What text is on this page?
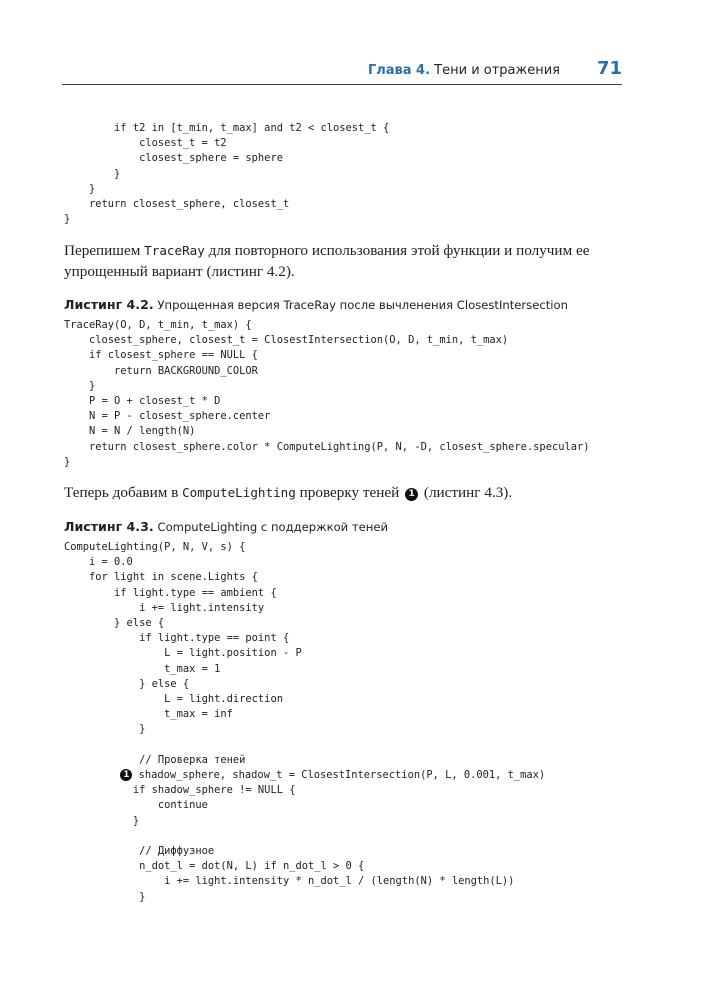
Глава 4. Тени и отражения 71
if t2 in [t_min, t_max] and t2 < closest_t {
closest_t = t2
closest_sphere = sphere
}
}
return closest_sphere, closest_t
}

Перепишем TraceRay для повторного использования этой функции и получим ее упрощенный вариант (листинг 4.2).

Листинг 4.2. Упрощенная версия TraceRay после вычленения ClosestIntersection

TraceRay(O, D, t_min, t_max) {
closest_sphere, closest_t = ClosestIntersection(O, D, t_min, t_max)
if closest_sphere == NULL {
return BACKGROUND_COLOR
}
P = O + closest_t * D
N = P - closest_sphere.center
N = N / length(N)
return closest_sphere.color * ComputeLighting(P, N, -D, closest_sphere.specular)
}

Теперь добавим в ComputeLighting проверку теней 1 (листинг 4.3).

Листинг 4.3. ComputeLighting с поддержкой теней

ComputeLighting(P, N, V, s) {
i = 0.0
for light in scene.Lights {
if light.type == ambient {
i += light.intensity
} else {
if light.type == point {
L = light.position - P
t_max = 1
} else {
L = light.direction
t_max = inf
}

// Проверка теней
1 shadow_sphere, shadow_t = ClosestIntersection(P, L, 0.001, t_max)
if shadow_sphere != NULL {
continue
}

// Диффузное
n_dot_l = dot(N, L) if n_dot_l > 0 {
i += light.intensity * n_dot_l / (length(N) * length(L))
}
